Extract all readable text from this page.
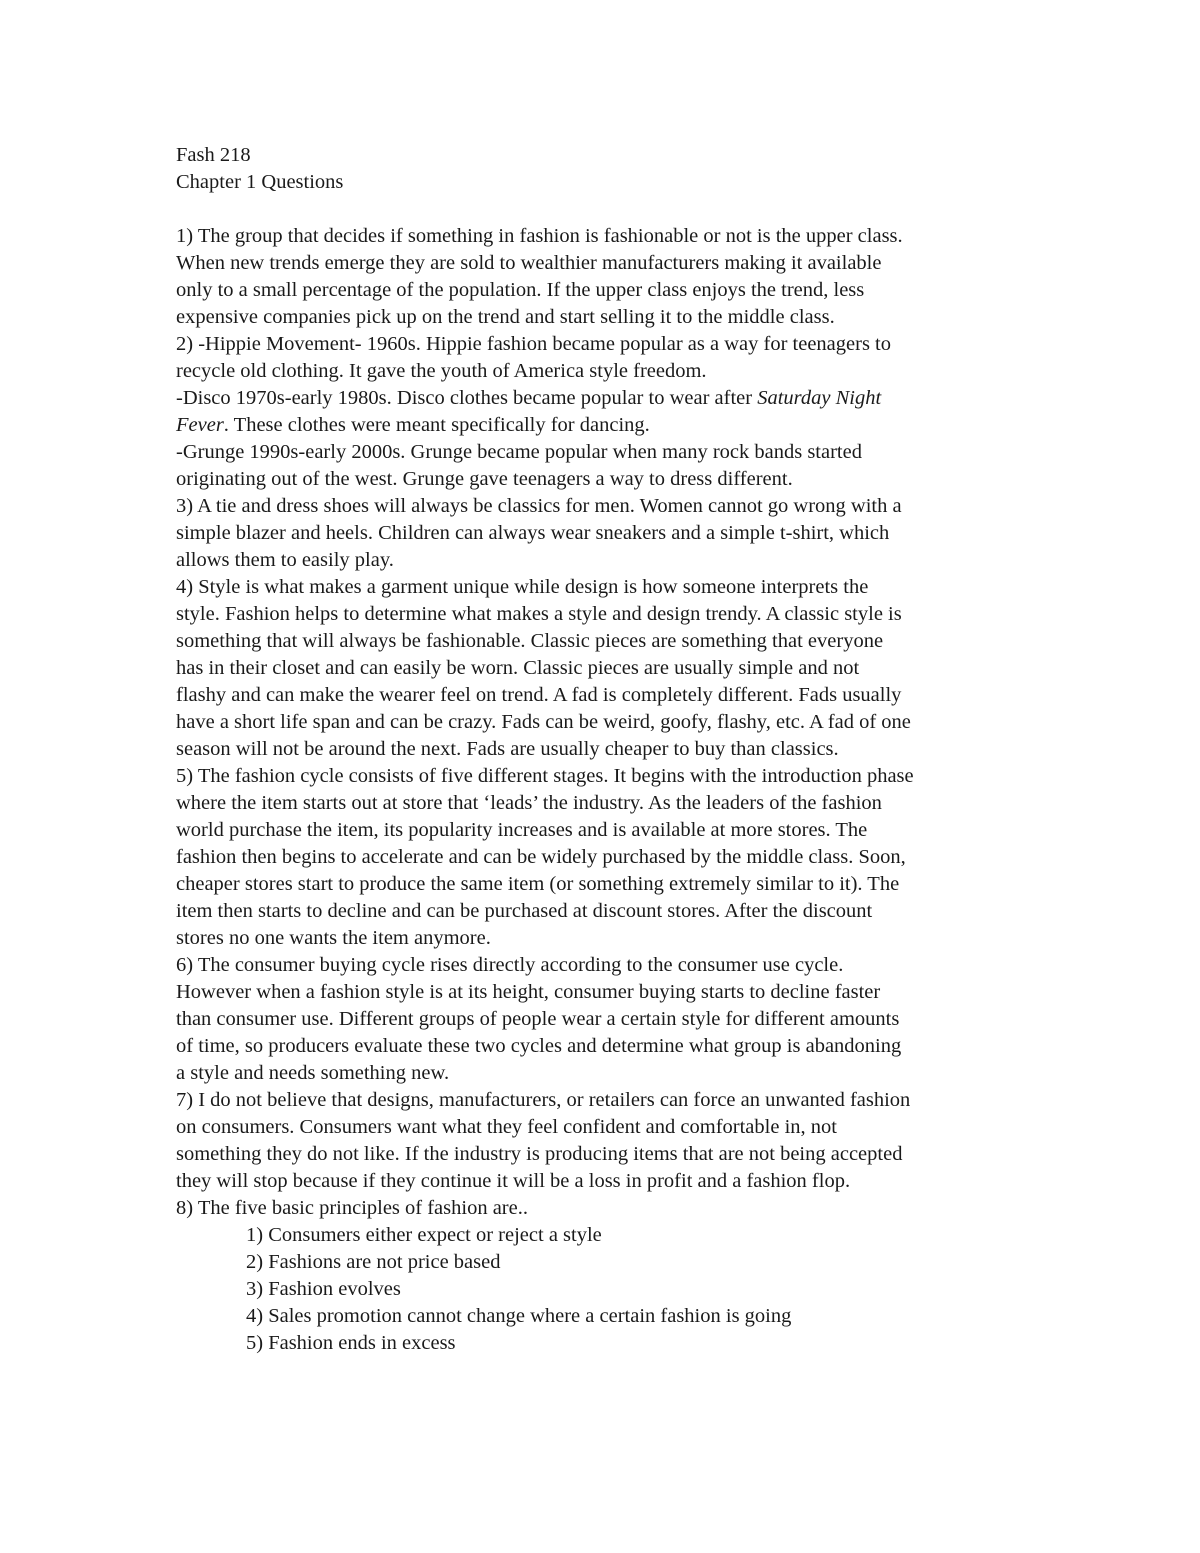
Fash 218
Chapter 1 Questions
1) The group that decides if something in fashion is fashionable or not is the upper class.
When new trends emerge they are sold to wealthier manufacturers making it available
only to a small percentage of the population. If the upper class enjoys the trend, less
expensive companies pick up on the trend and start selling it to the middle class.
2) -Hippie Movement- 1960s. Hippie fashion became popular as a way for teenagers to
recycle old clothing. It gave the youth of America style freedom.
-Disco 1970s-early 1980s. Disco clothes became popular to wear after Saturday Night
Fever. These clothes were meant specifically for dancing.
-Grunge 1990s-early 2000s. Grunge became popular when many rock bands started
originating out of the west. Grunge gave teenagers a way to dress different.
3) A tie and dress shoes will always be classics for men. Women cannot go wrong with a
simple blazer and heels. Children can always wear sneakers and a simple t-shirt, which
allows them to easily play.
4) Style is what makes a garment unique while design is how someone interprets the
style. Fashion helps to determine what makes a style and design trendy. A classic style is
something that will always be fashionable. Classic pieces are something that everyone
has in their closet and can easily be worn. Classic pieces are usually simple and not
flashy and can make the wearer feel on trend. A fad is completely different. Fads usually
have a short life span and can be crazy. Fads can be weird, goofy, flashy, etc. A fad of one
season will not be around the next. Fads are usually cheaper to buy than classics.
5) The fashion cycle consists of five different stages. It begins with the introduction phase
where the item starts out at store that ‘leads’ the industry. As the leaders of the fashion
world purchase the item, its popularity increases and is available at more stores. The
fashion then begins to accelerate and can be widely purchased by the middle class. Soon,
cheaper stores start to produce the same item (or something extremely similar to it). The
item then starts to decline and can be purchased at discount stores. After the discount
stores no one wants the item anymore.
6) The consumer buying cycle rises directly according to the consumer use cycle.
However when a fashion style is at its height, consumer buying starts to decline faster
than consumer use. Different groups of people wear a certain style for different amounts
of time, so producers evaluate these two cycles and determine what group is abandoning
a style and needs something new.
7) I do not believe that designs, manufacturers, or retailers can force an unwanted fashion
on consumers. Consumers want what they feel confident and comfortable in, not
something they do not like. If the industry is producing items that are not being accepted
they will stop because if they continue it will be a loss in profit and a fashion flop.
8) The five basic principles of fashion are..
1) Consumers either expect or reject a style
2) Fashions are not price based
3) Fashion evolves
4) Sales promotion cannot change where a certain fashion is going
5) Fashion ends in excess
